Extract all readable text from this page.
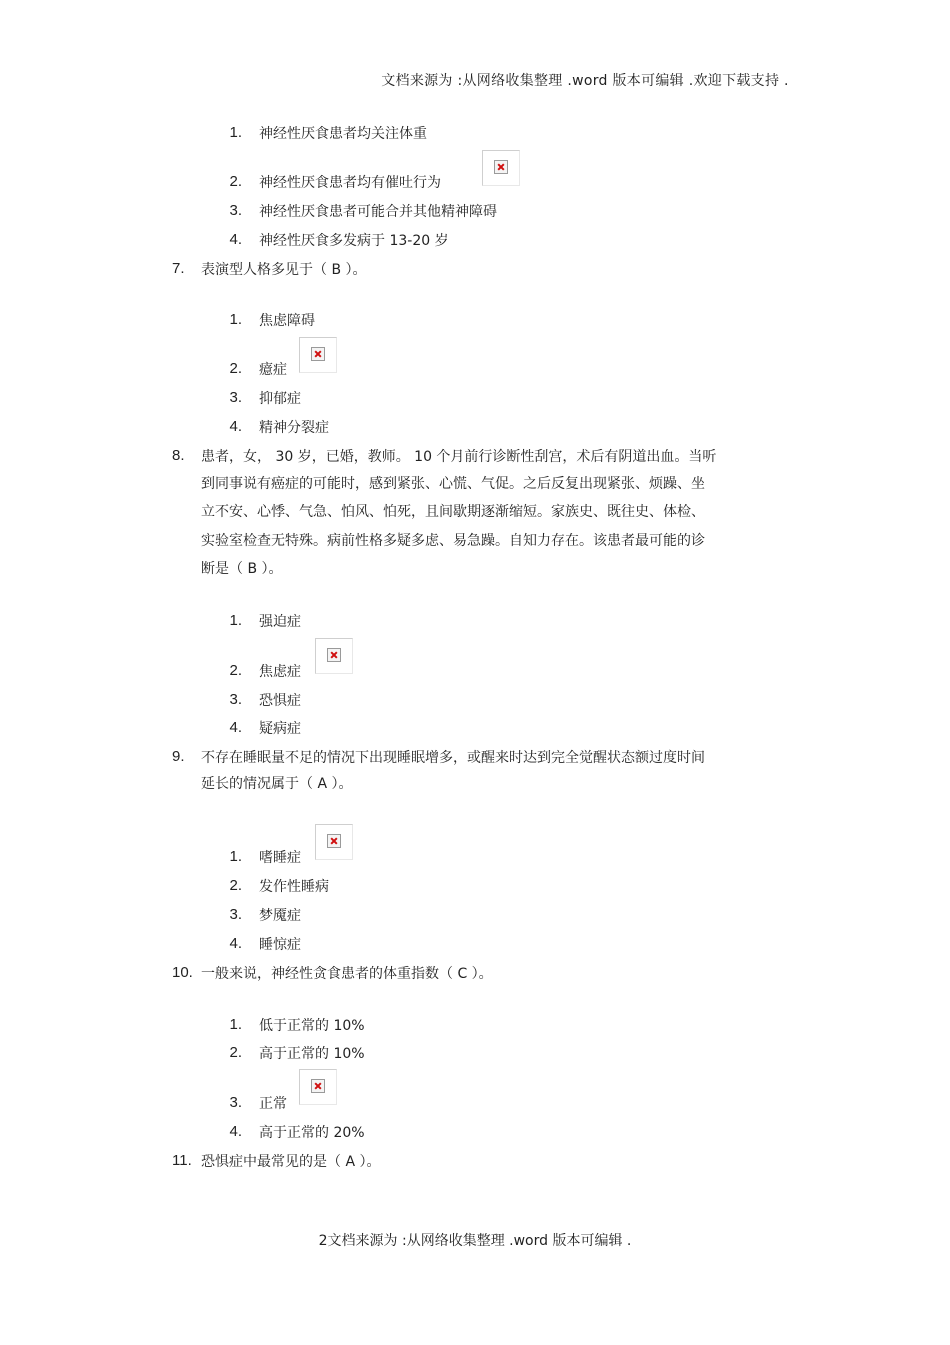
文档来源为 :从网络收集整理 .word 版本可编辑 .欢迎下载支持 .
1. 神经性厌食患者均关注体重
2. 神经性厌食患者均有催吐行为
3. 神经性厌食患者可能合并其他精神障碍
4. 神经性厌食多发病于 13-20 岁
7.	表演型人格多见于（ B ）。
1. 焦虑障碍
2. 癔症
3. 抑郁症
4. 精神分裂症
8.	患者，女， 30 岁，已婚，教师。 10 个月前行诊断性刮宫，术后有阴道出血。当听
到同事说有癌症的可能时，感到紧张、心慌、气促。之后反复出现紧张、烦躁、坐
立不安、心悸、气急、怕风、怕死，且间歇期逐渐缩短。家族史、既往史、体检、
实验室检查无特殊。病前性格多疑多虑、易急躁。自知力存在。该患者最可能的诊
断是（ B ）。
1. 强迫症
2. 焦虑症
3. 恐惧症
4. 疑病症
9.	不存在睡眠量不足的情况下出现睡眠增多，或醒来时达到完全觉醒状态额过度时间
延长的情况属于（ A ）。
1. 嗜睡症
2. 发作性睡病
3. 梦魇症
4. 睡惊症
10. 一般来说，神经性贪食患者的体重指数（ C ）。
1. 低于正常的 10%
2. 高于正常的 10%
3. 正常
4. 高于正常的 20%
11. 恐惧症中最常见的是（ A ）。
2文档来源为 :从网络收集整理 .word 版本可编辑 .
